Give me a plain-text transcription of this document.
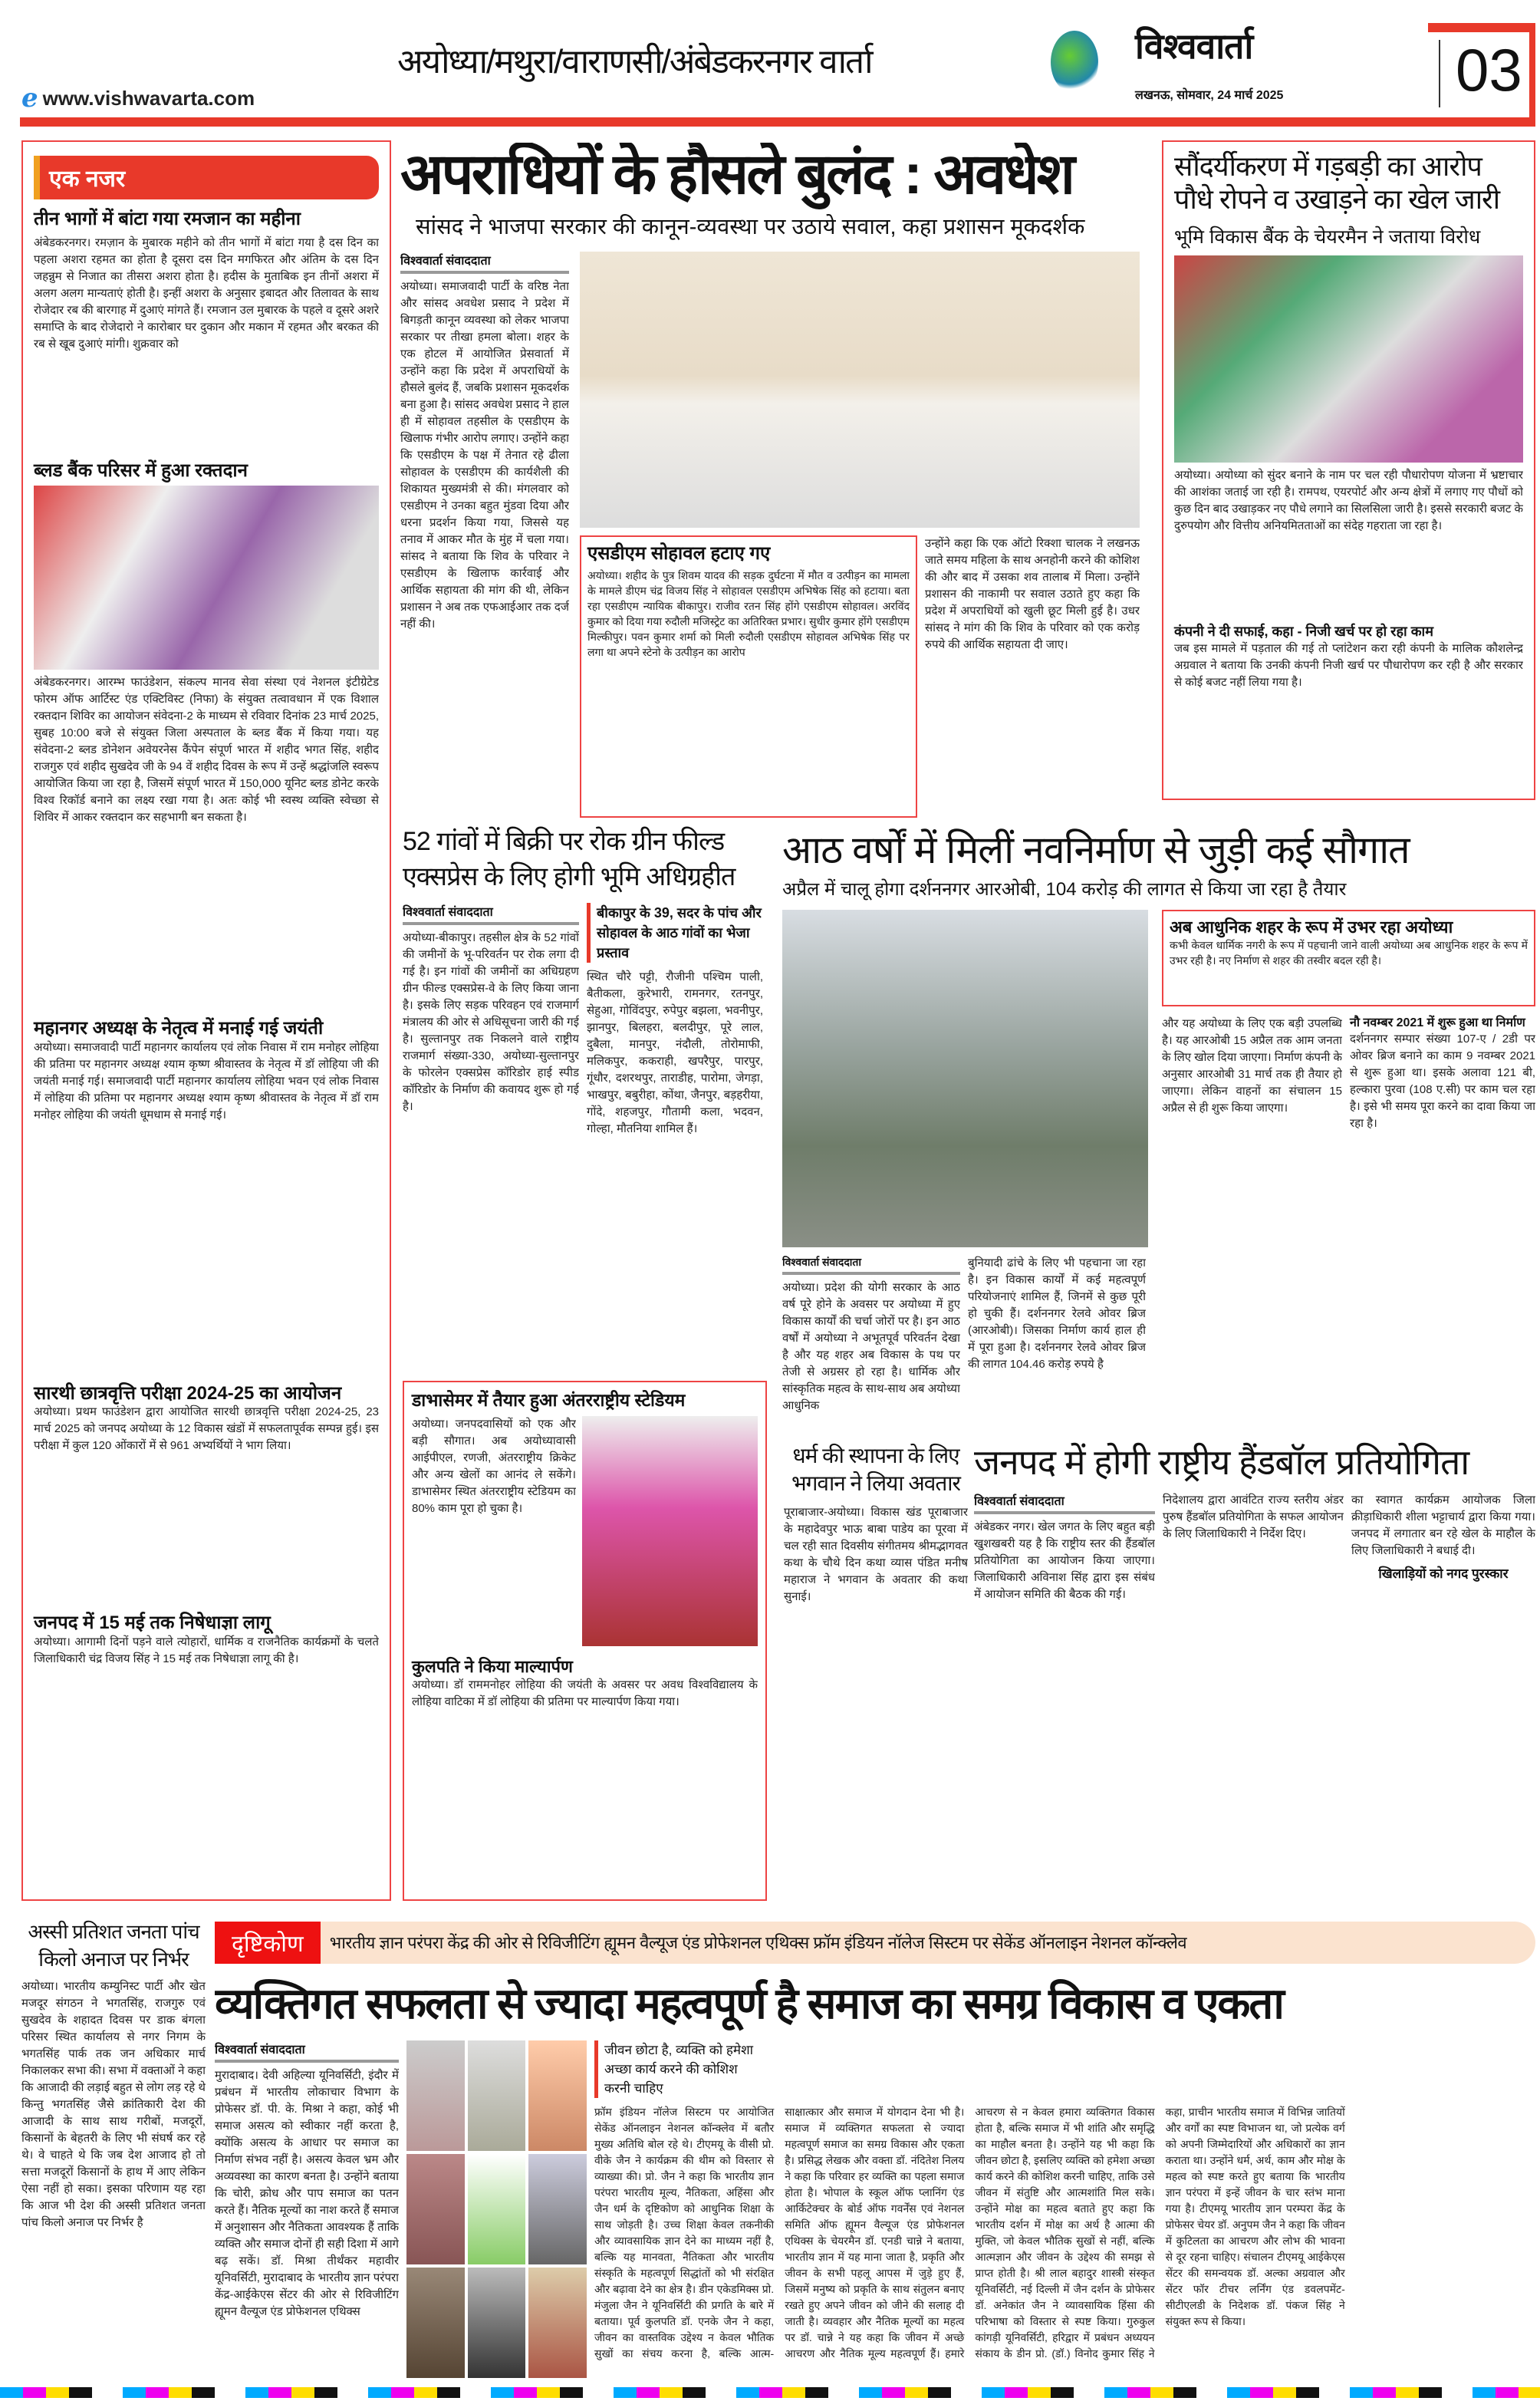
e www.vishwavarta.com
अयोध्या/मथुरा/वाराणसी/अंबेडकरनगर वार्ता	विश्ववार्ता
लखनऊ, सोमवार, 24 मार्च 2025	03
एक नजर
तीन भागों में बांटा गया रमजान का महीना
अंबेडकरनगर। रमज़ान के मुबारक महीने को तीन भागों में बांटा गया है दस दिन का पहला अशरा रहमत का होता है दूसरा दस दिन मगफिरत और अंतिम के दस दिन जहन्नुम से निजात का तीसरा अशरा होता है। हदीस के मुताबिक इन तीनों अशरा में अलग अलग मान्यताएं होती है। इन्हीं अशरा के अनुसार इबादत और तिलावत के साथ रोजेदार रब की बारगाह में दुआएं मांगते हैं। रमजान उल मुबारक के पहले व दूसरे अशरे समाप्ति के बाद रोजेदारो ने कारोबार घर दुकान और मकान में रहमत और बरकत की रब से खूब दुआएं मांगी। शुक्रवार को
ब्लड बैंक परिसर में हुआ रक्तदान
अंबेडकरनगर। आरम्भ फाउंडेशन, संकल्प मानव सेवा संस्था एवं नेशनल इंटीग्रेटेड फोरम ऑफ आर्टिस्ट एंड एक्टिविस्ट (निफा) के संयुक्त तत्वावधान में एक विशाल रक्तदान शिविर का आयोजन संवेदना-2 के माध्यम से रविवार दिनांक 23 मार्च 2025, सुबह 10:00 बजे से संयुक्त जिला अस्पताल के ब्लड बैंक में किया गया। यह संवेदना-2 ब्लड डोनेशन अवेयरनेस कैंपेन संपूर्ण भारत में शहीद भगत सिंह, शहीद राजगुरु एवं शहीद सुखदेव जी के 94 वें शहीद दिवस के रूप में उन्हें श्रद्धांजलि स्वरूप आयोजित किया जा रहा है, जिसमें संपूर्ण भारत में 150,000 यूनिट ब्लड डोनेट करके विश्व रिकॉर्ड बनाने का लक्ष्य रखा गया है। अतः कोई भी स्वस्थ व्यक्ति स्वेच्छा से शिविर में आकर रक्तदान कर सहभागी बन सकता है।
महानगर अध्यक्ष के नेतृत्व में मनाई गई जयंती
अयोध्या। समाजवादी पार्टी महानगर कार्यालय एवं लोक निवास में राम मनोहर लोहिया की प्रतिमा पर महानगर अध्यक्ष श्याम कृष्ण श्रीवास्तव के नेतृत्व में डॉ लोहिया जी की जयंती मनाई गई। समाजवादी पार्टी महानगर कार्यालय लोहिया भवन एवं लोक निवास में लोहिया की प्रतिमा पर महानगर अध्यक्ष श्याम कृष्ण श्रीवास्तव के नेतृत्व में डॉ राम मनोहर लोहिया की जयंती धूमधाम से मनाई गई।
सारथी छात्रवृत्ति परीक्षा 2024-25 का आयोजन
अयोध्या। प्रथम फाउंडेशन द्वारा आयोजित सारथी छात्रवृत्ति परीक्षा 2024-25, 23 मार्च 2025 को जनपद अयोध्या के 12 विकास खंडों में सफलतापूर्वक सम्पन्न हुई। इस परीक्षा में कुल 120 ओंकारों में से 961 अभ्यर्थियों ने भाग लिया।
जनपद में 15 मई तक निषेधाज्ञा लागू
अयोध्या। आगामी दिनों पड़ने वाले त्योहारों, धार्मिक व राजनैतिक कार्यक्रमों के चलते जिलाधिकारी चंद्र विजय सिंह ने 15 मई तक निषेधाज्ञा लागू की है।
अपराधियों के हौसले बुलंद : अवधेश
सांसद ने भाजपा सरकार की कानून-व्यवस्था पर उठाये सवाल, कहा प्रशासन मूकदर्शक
विश्ववार्ता संवाददाता
अयोध्या। समाजवादी पार्टी के वरिष्ठ नेता और सांसद अवधेश प्रसाद ने प्रदेश में बिगड़ती कानून व्यवस्था को लेकर भाजपा सरकार पर तीखा हमला बोला। शहर के एक होटल में आयोजित प्रेसवार्ता में उन्होंने कहा कि प्रदेश में अपराधियों के हौसले बुलंद हैं, जबकि प्रशासन मूकदर्शक बना हुआ है। सांसद अवधेश प्रसाद ने हाल ही में सोहावल तहसील के एसडीएम के खिलाफ गंभीर आरोप लगाए। उन्होंने कहा कि एसडीएम के पक्ष में तेनात रहे ढीला सोहावल के एसडीएम की कार्यशैली की शिकायत मुख्यमंत्री से की। मंगलवार को एसडीएम ने उनका बहुत मुंडवा दिया और धरना प्रदर्शन किया गया, जिससे यह तनाव में आकर मौत के मुंह में चला गया। सांसद ने बताया कि शिव के परिवार ने एसडीएम के खिलाफ कार्रवाई और आर्थिक सहायता की मांग की थी, लेकिन प्रशासन ने अब तक एफआईआर तक दर्ज नहीं की।
एसडीएम सोहावल हटाए गए
अयोध्या। शहीद के पुत्र शिवम यादव की सड़क दुर्घटना में मौत व उत्पीड़न का मामला के मामले डीएम चंद्र विजय सिंह ने सोहावल एसडीएम अभिषेक सिंह को हटाया। बता रहा एसडीएम न्यायिक बीकापुर। राजीव रतन सिंह होंगे एसडीएम सोहावल। अरविंद कुमार को दिया गया रुदौली मजिस्ट्रेट का अतिरिक्त प्रभार। सुधीर कुमार होंगे एसडीएम मिल्कीपुर। पवन कुमार शर्मा को मिली रुदौली एसडीएम सोहावल अभिषेक सिंह पर लगा था अपने स्टेनो के उत्पीड़न का आरोप
उन्होंने कहा कि एक ऑटो रिक्शा चालक ने लखनऊ जाते समय महिला के साथ अनहोनी करने की कोशिश की और बाद में उसका शव तालाब में मिला। उन्होंने प्रशासन की नाकामी पर सवाल उठाते हुए कहा कि प्रदेश में अपराधियों को खुली छूट मिली हुई है। उधर सांसद ने मांग की कि शिव के परिवार को एक करोड़ रुपये की आर्थिक सहायता दी जाए।
सौंदर्यीकरण में गड़बड़ी का आरोप पौधे रोपने व उखाड़ने का खेल जारी
भूमि विकास बैंक के चेयरमैन ने जताया विरोध
अयोध्या। अयोध्या को सुंदर बनाने के नाम पर चल रही पौधारोपण योजना में भ्रष्टाचार की आशंका जताई जा रही है। रामपथ, एयरपोर्ट और अन्य क्षेत्रों में लगाए गए पौधों को कुछ दिन बाद उखाड़कर नए पौधे लगाने का सिलसिला जारी है। इससे सरकारी बजट के दुरुपयोग और वित्तीय अनियमितताओं का संदेह गहराता जा रहा है।
कंपनी ने दी सफाई, कहा - निजी खर्च पर हो रहा काम
जब इस मामले में पड़ताल की गई तो प्लांटेशन करा रही कंपनी के मालिक कौशलेन्द्र अग्रवाल ने बताया कि उनकी कंपनी निजी खर्च पर पौधारोपण कर रही है और सरकार से कोई बजट नहीं लिया गया है।
52 गांवों में बिक्री पर रोक ग्रीन फील्ड एक्सप्रेस के लिए होगी भूमि अधिग्रहीत
विश्ववार्ता संवाददाता
अयोध्या-बीकापुर। तहसील क्षेत्र के 52 गांवों की जमीनों के भू-परिवर्तन पर रोक लगा दी गई है। इन गांवों की जमीनों का अधिग्रहण ग्रीन फील्ड एक्सप्रेस-वे के लिए किया जाना है। इसके लिए सड़क परिवहन एवं राजमार्ग मंत्रालय की ओर से अधिसूचना जारी की गई है। सुल्तानपुर तक निकलने वाले राष्ट्रीय राजमार्ग संख्या-330, अयोध्या-सुल्तानपुर के फोरलेन एक्सप्रेस कॉरिडोर हाई स्पीड कॉरिडोर के निर्माण की कवायद शुरू हो गई है।
बीकापुर के 39, सदर के पांच और सोहावल के आठ गांवों का भेजा प्रस्ताव
स्थित चौरे पट्टी, रौजीनी पश्चिम पाली, बैतीकला, कुरेभारी, रामनगर, रतनपुर, सेहुआ, गोविंदपुर, रुपेपुर बझला, भवनीपुर, झानपुर, बिलहरा, बलदीपुर, पूरे लाल, दुबैला, मानपुर, नंदौली, तोरोमाफी, मलिकपुर, ककराही, खपरैपुर, पारपुर, गूंधौर, दशरथपुर, ताराडीह, पारोमा, जेगड़ा, भाखपुर, बबुरीहा, कोंथा, जैनपुर, बड़हरीया, गोंदे, शहजपुर, गौतामी कला, भदवन, गोल्हा, मौतनिया शामिल हैं।
आठ वर्षों में मिलीं नवनिर्माण से जुड़ी कई सौगात
अप्रैल में चालू होगा दर्शननगर आरओबी, 104 करोड़ की लागत से किया जा रहा है तैयार
विश्ववार्ता संवाददाता
अयोध्या। प्रदेश की योगी सरकार के आठ वर्ष पूरे होने के अवसर पर अयोध्या में हुए विकास कार्यों की चर्चा जोरों पर है। इन आठ वर्षों में अयोध्या ने अभूतपूर्व परिवर्तन देखा है और यह शहर अब विकास के पथ पर तेजी से अग्रसर हो रहा है। धार्मिक और सांस्कृतिक महत्व के साथ-साथ अब अयोध्या आधुनिक
बुनियादी ढांचे के लिए भी पहचाना जा रहा है। इन विकास कार्यों में कई महत्वपूर्ण परियोजनाएं शामिल हैं, जिनमें से कुछ पूरी हो चुकी हैं। दर्शननगर रेलवे ओवर ब्रिज (आरओबी)। जिसका निर्माण कार्य हाल ही में पूरा हुआ है। दर्शननगर रेलवे ओवर ब्रिज की लागत 104.46 करोड़ रुपये है
अब आधुनिक शहर के रूप में उभर रहा अयोध्या
कभी केवल धार्मिक नगरी के रूप में पहचानी जाने वाली अयोध्या अब आधुनिक शहर के रूप में उभर रही है। नए निर्माण से शहर की तस्वीर बदल रही है।
और यह अयोध्या के लिए एक बड़ी उपलब्धि है। यह आरओबी 15 अप्रैल तक आम जनता के लिए खोल दिया जाएगा। निर्माण कंपनी के अनुसार आरओबी 31 मार्च तक ही तैयार हो जाएगा। लेकिन वाहनों का संचालन 15 अप्रैल से ही शुरू किया जाएगा।
नौ नवम्बर 2021 में शुरू हुआ था निर्माण
दर्शननगर सम्पार संख्या 107-ए / 2डी पर ओवर ब्रिज बनाने का काम 9 नवम्बर 2021 से शुरू हुआ था। इसके अलावा 121 बी, हल्कारा पुरवा (108 ए.सी) पर काम चल रहा है। इसे भी समय पूरा करने का दावा किया जा रहा है।
डाभासेमर में तैयार हुआ अंतरराष्ट्रीय स्टेडियम
अयोध्या। जनपदवासियों को एक और बड़ी सौगात। अब अयोध्यावासी आईपीएल, रणजी, अंतरराष्ट्रीय क्रिकेट और अन्य खेलों का आनंद ले सकेंगे। डाभासेमर स्थित अंतरराष्ट्रीय स्टेडियम का 80% काम पूरा हो चुका है।
कुलपति ने किया माल्यार्पण
अयोध्या। डॉ राममनोहर लोहिया की जयंती के अवसर पर अवध विश्वविद्यालय के लोहिया वाटिका में डॉ लोहिया की प्रतिमा पर माल्यार्पण किया गया।
धर्म की स्थापना के लिए भगवान ने लिया अवतार
पूराबाजार-अयोध्या। विकास खंड पूराबाजार के महादेवपुर भाऊ बाबा पाडेय का पूरवा में चल रही सात दिवसीय संगीतमय श्रीमद्भागवत कथा के चौथे दिन कथा व्यास पंडित मनीष महाराज ने भगवान के अवतार की कथा सुनाई।
जनपद में होगी राष्ट्रीय हैंडबॉल प्रतियोगिता
विश्ववार्ता संवाददाता
अंबेडकर नगर। खेल जगत के लिए बहुत बड़ी खुशखबरी यह है कि राष्ट्रीय स्तर की हैंडबॉल प्रतियोगिता का आयोजन किया जाएगा। जिलाधिकारी अविनाश सिंह द्वारा इस संबंध में आयोजन समिति की बैठक की गई।
निदेशालय द्वारा आवंटित राज्य स्तरीय अंडर पुरुष हैंडबॉल प्रतियोगिता के सफल आयोजन के लिए जिलाधिकारी ने निर्देश दिए।
का स्वागत कार्यक्रम आयोजक जिला क्रीड़ाधिकारी शीला भट्टाचार्य द्वारा किया गया। जनपद में लगातार बन रहे खेल के माहौल के लिए जिलाधिकारी ने बधाई दी।
खिलाड़ियों को नगद पुरस्कार
अस्सी प्रतिशत जनता पांच किलो अनाज पर निर्भर
अयोध्या। भारतीय कम्युनिस्ट पार्टी और खेत मजदूर संगठन ने भगतसिंह, राजगुरु एवं सुखदेव के शहादत दिवस पर डाक बंगला परिसर स्थित कार्यालय से नगर निगम के भगतसिंह पार्क तक जन अधिकार मार्च निकालकर सभा की। सभा में वक्ताओं ने कहा कि आजादी की लड़ाई बहुत से लोग लड़ रहे थे किन्तु भगतसिंह जैसे क्रांतिकारी देश की आजादी के साथ साथ गरीबों, मजदूरों, किसानों के बेहतरी के लिए भी संघर्ष कर रहे थे। वे चाहते थे कि जब देश आजाद हो तो सत्ता मजदूरों किसानों के हाथ में आए लेकिन ऐसा नहीं हो सका। इसका परिणाम यह रहा कि आज भी देश की अस्सी प्रतिशत जनता पांच किलो अनाज पर निर्भर है
दृष्टिकोण	भारतीय ज्ञान परंपरा केंद्र की ओर से रिविजीटिंग ह्यूमन वैल्यूज एंड प्रोफेशनल एथिक्स फ्रॉम इंडियन नॉलेज सिस्टम पर सेकेंड ऑनलाइन नेशनल कॉन्क्लेव
व्यक्तिगत सफलता से ज्यादा महत्वपूर्ण है समाज का समग्र विकास व एकता
विश्ववार्ता संवाददाता
मुरादाबाद। देवी अहिल्या यूनिवर्सिटी, इंदौर में प्रबंधन में भारतीय लोकाचार विभाग के प्रोफेसर डॉ. पी. के. मिश्रा ने कहा, कोई भी समाज असत्य को स्वीकार नहीं करता है, क्योंकि असत्य के आधार पर समाज का निर्माण संभव नहीं है। असत्य केवल भ्रम और अव्यवस्था का कारण बनता है। उन्होंने बताया कि चोरी, क्रोध और पाप समाज का पतन करते हैं। नैतिक मूल्यों का नाश करते हैं समाज में अनुशासन और नैतिकता आवश्यक हैं ताकि व्यक्ति और समाज दोनों ही सही दिशा में आगे बढ़ सकें। डॉ. मिश्रा तीर्थंकर महावीर यूनिवर्सिटी, मुरादाबाद के भारतीय ज्ञान परंपरा केंद्र-आईकेएस सेंटर की ओर से रिविजीटिंग ह्यूमन वैल्यूज एंड प्रोफेशनल एथिक्स
जीवन छोटा है, व्यक्ति को हमेशा अच्छा कार्य करने की कोशिश करनी चाहिए
फ्रॉम इंडियन नॉलेज सिस्टम पर आयोजित सेकेंड ऑनलाइन नेशनल कॉन्क्लेव में बतौर मुख्य अतिथि बोल रहे थे। टीएमयू के वीसी प्रो. वीके जैन ने कार्यक्रम की थीम को विस्तार से व्याख्या की। प्रो. जैन ने कहा कि भारतीय ज्ञान परंपरा भारतीय मूल्य, नैतिकता, अहिंसा और जैन धर्म के दृष्टिकोण को आधुनिक शिक्षा के साथ जोड़ती है। उच्च शिक्षा केवल तकनीकी और व्यावसायिक ज्ञान देने का माध्यम नहीं है, बल्कि यह मानवता, नैतिकता और भारतीय संस्कृति के महत्वपूर्ण सिद्धांतों को भी संरक्षित और बढ़ावा देने का क्षेत्र है। डीन एकेडमिक्स प्रो. मंजुला जैन ने यूनिवर्सिटी की प्रगति के बारे में बताया। पूर्व कुलपति डॉ. एनके जैन ने कहा, जीवन का वास्तविक उद्देश्य न केवल भौतिक सुखों का संचय करना है, बल्कि आत्म-साक्षात्कार और समाज में योगदान देना भी है। समाज में व्यक्तिगत सफलता से ज्यादा महत्वपूर्ण समाज का समग्र विकास और एकता है। प्रसिद्ध लेखक और वक्ता डॉ. नंदितेश निलय ने कहा कि परिवार हर व्यक्ति का पहला समाज होता है। भोपाल के स्कूल ऑफ प्लानिंग एंड आर्किटेक्चर के बोर्ड ऑफ गवर्नेंस एवं नेशनल समिति ऑफ ह्यूमन वैल्यूज एंड प्रोफेशनल एथिक्स के चेयरमैन डॉ. एनडी चान्ने ने बताया, भारतीय ज्ञान में यह माना जाता है, प्रकृति और जीवन के सभी पहलू आपस में जुड़े हुए हैं, जिसमें मनुष्य को प्रकृति के साथ संतुलन बनाए रखते हुए अपने जीवन को जीने की सलाह दी जाती है। व्यवहार और नैतिक मूल्यों का महत्व पर डॉ. चान्ने ने यह कहा कि जीवन में अच्छे आचरण और नैतिक मूल्य महत्वपूर्ण हैं। हमारे आचरण से न केवल हमारा व्यक्तिगत विकास होता है, बल्कि समाज में भी शांति और समृद्धि का माहौल बनता है। उन्होंने यह भी कहा कि जीवन छोटा है, इसलिए व्यक्ति को हमेशा अच्छा कार्य करने की कोशिश करनी चाहिए, ताकि उसे जीवन में संतुष्टि और आत्मशांति मिल सके। उन्होंने मोक्ष का महत्व बताते हुए कहा कि भारतीय दर्शन में मोक्ष का अर्थ है आत्मा की मुक्ति, जो केवल भौतिक सुखों से नहीं, बल्कि आत्मज्ञान और जीवन के उद्देश्य की समझ से प्राप्त होती है। श्री लाल बहादुर शास्त्री संस्कृत यूनिवर्सिटी, नई दिल्ली में जैन दर्शन के प्रोफेसर डॉ. अनेकांत जैन ने व्यावसायिक हिंसा की परिभाषा को विस्तार से स्पष्ट किया। गुरुकुल कांगड़ी यूनिवर्सिटी, हरिद्वार में प्रबंधन अध्ययन संकाय के डीन प्रो. (डॉ.) विनोद कुमार सिंह ने कहा, प्राचीन भारतीय समाज में विभिन्न जातियों और वर्गों का स्पष्ट विभाजन था, जो प्रत्येक वर्ग को अपनी जिम्मेदारियों और अधिकारों का ज्ञान कराता था। उन्होंने धर्म, अर्थ, काम और मोक्ष के महत्व को स्पष्ट करते हुए बताया कि भारतीय ज्ञान परंपरा में इन्हें जीवन के चार स्तंभ माना गया है। टीएमयू भारतीय ज्ञान परम्परा केंद्र के प्रोफेसर चेयर डॉ. अनुपम जैन ने कहा कि जीवन में कुटिलता का आचरण और लोभ की भावना से दूर रहना चाहिए। संचालन टीएमयू आईकेएस सेंटर की समन्वयक डॉ. अल्का अग्रवाल और सेंटर फॉर टीचर लर्निंग एंड डवलपमेंट-सीटीएलडी के निदेशक डॉ. पंकज सिंह ने संयुक्त रूप से किया।
